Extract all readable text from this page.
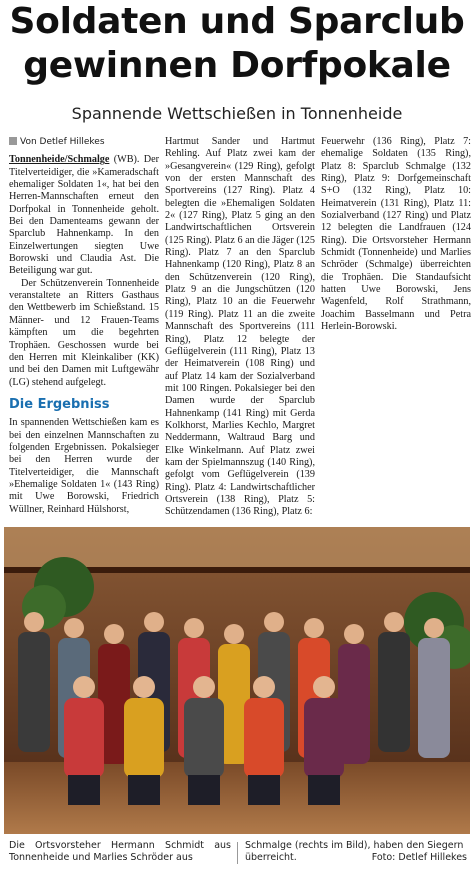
Soldaten und Sparclub
gewinnen Dorfpokale
Spannende Wettschießen in Tonnenheide
Von Detlef Hillekes

Tonnenheide/Schmalge (WB). Der Titelverteidiger, die »Kameradschaft ehemaliger Soldaten 1«, hat bei den Herren-Mannschaften erneut den Dorfpokal in Tonnenheide geholt. Bei den Damenteams gewann der Sparclub Hahnenkamp. In den Einzelwertungen siegten Uwe Borowski und Claudia Ast. Die Beteiligung war gut.

Der Schützenverein Tonnenheide veranstaltete an Ritters Gasthaus den Wettbewerb im Schießstand. 15 Männer- und 12 Frauen-Teams kämpften um die begehrten Trophäen. Geschossen wurde bei den Herren mit Kleinkaliber (KK) und bei den Damen mit Luftgewähr (LG) stehend aufgelegt.

Die Ergebniss

In spannenden Wettschießen kam es bei den einzelnen Mannschaften zu folgenden Ergebnissen. Pokalsieger bei den Herren wurde der Titelverteidiger, die Mannschaft »Ehemalige Soldaten 1« (143 Ring) mit Uwe Borowski, Friedrich Wüllner, Reinhard Hülshorst,

Hartmut Sander und Hartmut Rehling. Auf Platz zwei kam der »Gesangverein« (129 Ring), gefolgt von der ersten Mannschaft des Sportvereins (127 Ring). Platz 4 belegten die »Ehemaligen Soldaten 2« (127 Ring), Platz 5 ging an den Landwirtschaftlichen Ortsverein (125 Ring). Platz 6 an die Jäger (125 Ring). Platz 7 an den Sparclub Hahnenkamp (120 Ring), Platz 8 an den Schützenverein (120 Ring), Platz 9 an die Jungschützen (120 Ring), Platz 10 an die Feuerwehr (119 Ring). Platz 11 an die zweite Mannschaft des Sportvereins (111 Ring), Platz 12 belegte der Geflügelverein (111 Ring), Platz 13 der Heimatverein (108 Ring) und auf Platz 14 kam der Sozialverband mit 100 Ringen. Pokalsieger bei den Damen wurde der Sparclub Hahnenkamp (141 Ring) mit Gerda Kolkhorst, Marlies Kechlo, Margret Neddermann, Waltraud Barg und Elke Winkelmann. Auf Platz zwei kam der Spielmannszug (140 Ring), gefolgt vom Geflügelverein (139 Ring). Platz 4: Landwirtschaftlicher Ortsverein (138 Ring), Platz 5: Schützendamen (136 Ring), Platz 6:

Feuerwehr (136 Ring), Platz 7: ehemalige Soldaten (135 Ring), Platz 8: Sparclub Schmalge (132 Ring), Platz 9: Dorfgemeinschaft S+O (132 Ring), Platz 10: Heimatverein (131 Ring), Platz 11: Sozialverband (127 Ring) und Platz 12 belegten die Landfrauen (124 Ring). Die Ortsvorsteher Hermann Schmidt (Tonnenheide) und Marlies Schröder (Schmalge) überreichten die Trophäen. Die Standaufsicht hatten Uwe Borowski, Jens Wagenfeld, Rolf Strathmann, Joachim Basselmann und Petra Herlein-Borowski.

Die Ortsvorsteher Hermann Schmidt aus Tonnenheide und Marlies Schröder aus
Schmalge (rechts im Bild), haben den Siegern überreicht.	Foto: Detlef Hillekes
